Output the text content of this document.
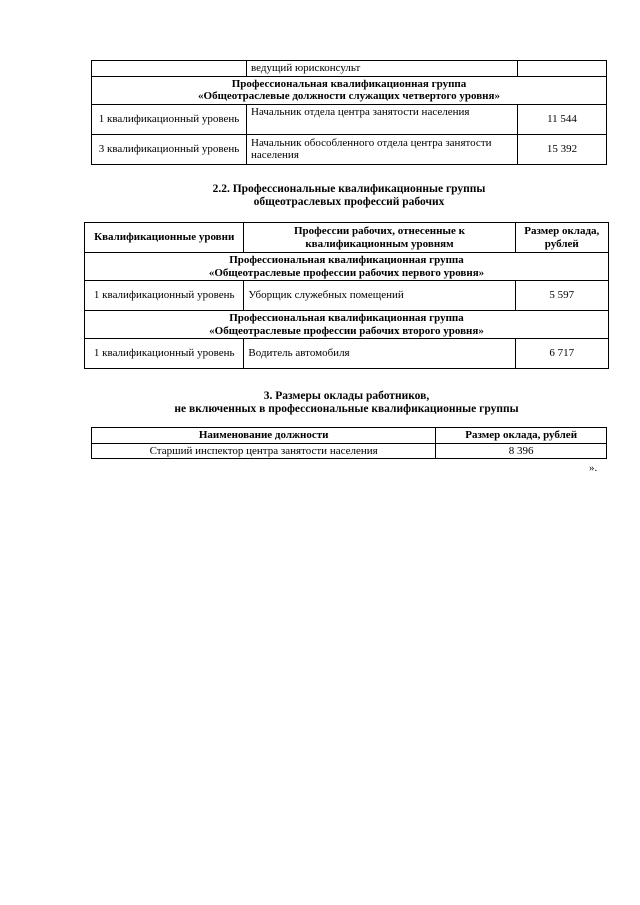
	ведущий юрисконсульт	

Профессиональная квалификационная группа
«Общеотраслевые должности служащих четвертого уровня»		

1 квалификационный уровень	Начальник отдела центра занятости населения	11 544
3 квалификационный уровень	Начальник обособленного отдела центра занятости населения	15 392
2.2. Профессиональные квалификационные группы
общеотраслевых профессий рабочих
Квалификационные уровни	Профессии рабочих, отнесенные к квалификационным уровням	Размер оклада, рублей

Профессиональная квалификационная группа
«Общеотраслевые профессии рабочих первого уровня»		

1 квалификационный уровень	Уборщик служебных помещений	5 597

Профессиональная квалификационная группа
«Общеотраслевые профессии рабочих второго уровня»		

1 квалификационный уровень	Водитель автомобиля	6 717
3. Размеры оклады работников,
не включенных в профессиональные квалификационные группы
Наименование должности	Размер оклада, рублей
Старший инспектор центра занятости населения	8 396
».
